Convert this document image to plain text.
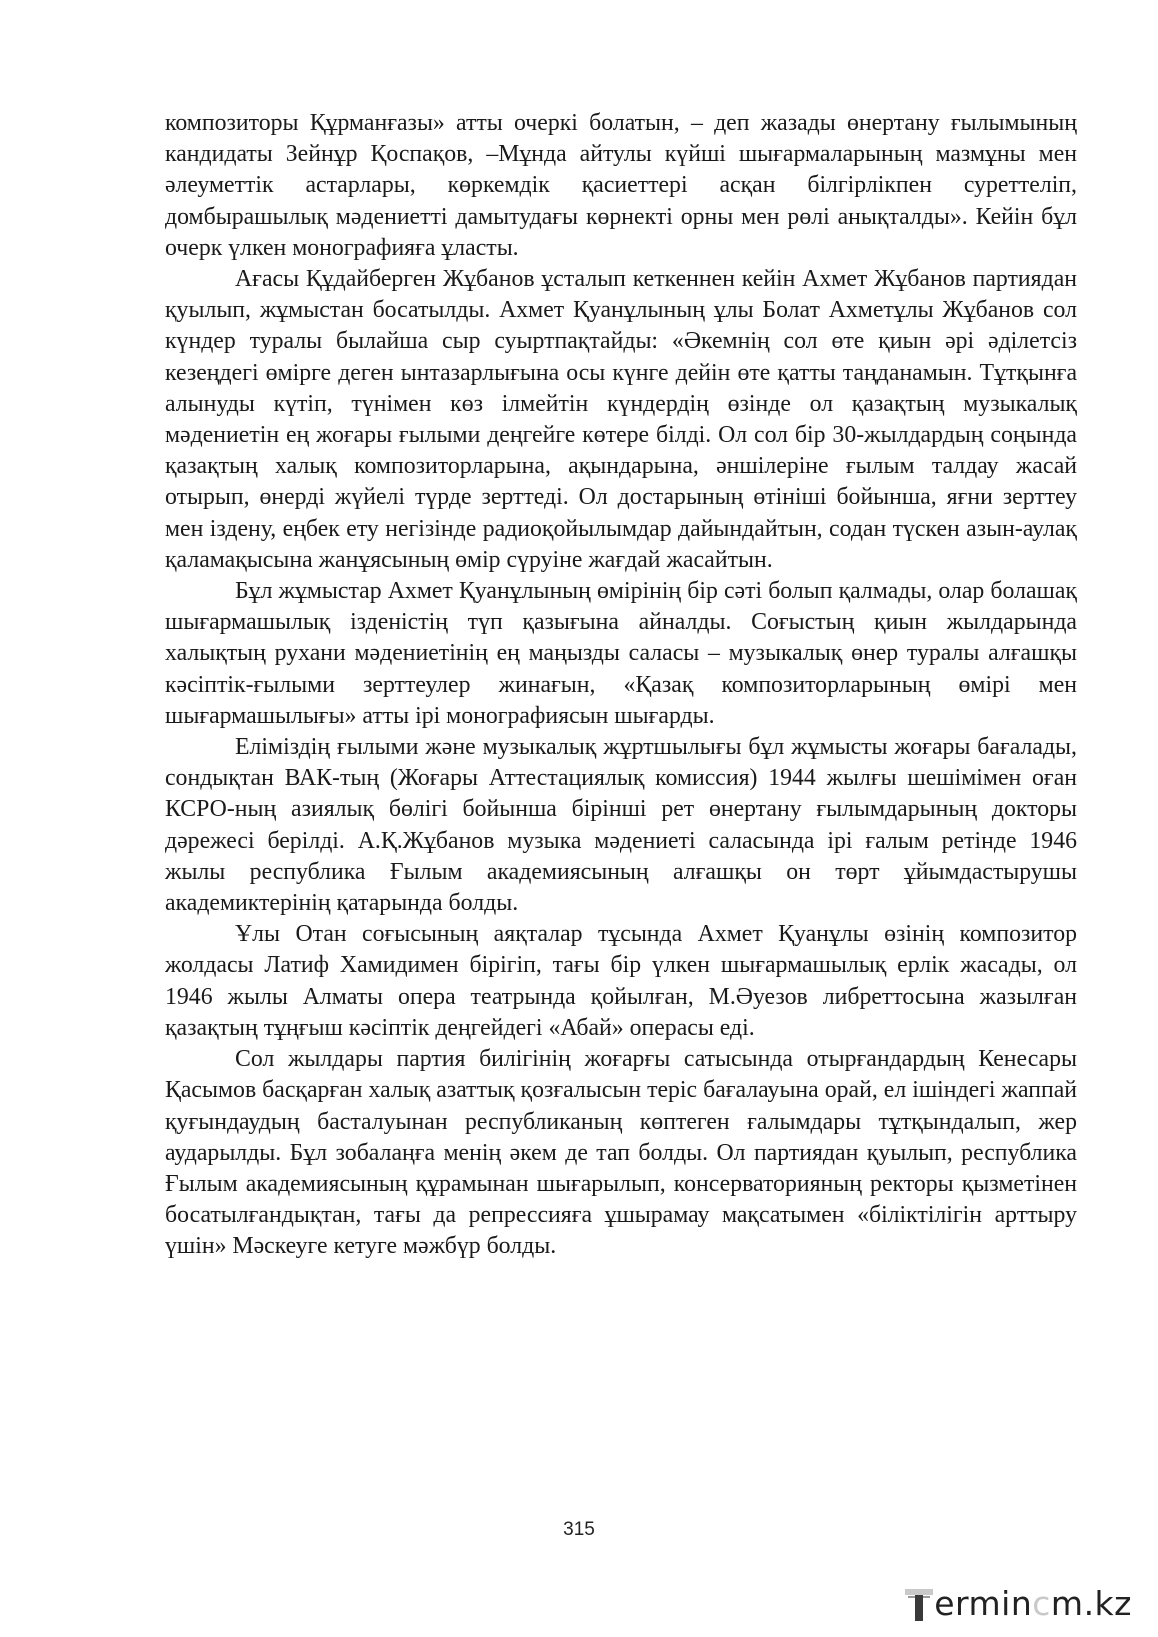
композиторы Құрманғазы» атты очеркі болатын, – деп жазады өнертану ғылымының кандидаты Зейнұр Қоспақов, –Мұнда айтулы күйші шығармаларының мазмұны мен әлеуметтік астарлары, көркемдік қасиеттері асқан білгірлікпен суреттеліп, домбырашылық мәдениетті дамытудағы көрнекті орны мен рөлі анықталды». Кейін бұл очерк үлкен монографияға ұласты.

Ағасы Құдайберген Жұбанов ұсталып кеткеннен кейін Ахмет Жұбанов партиядан қуылып, жұмыстан босатылды. Ахмет Қуанұлының ұлы Болат Ахметұлы Жұбанов сол күндер туралы былайша сыр суыртпақтайды: «Әкемнің сол өте қиын әрі әділетсіз кезеңдегі өмірге деген ынтазарлығына осы күнге дейін өте қатты таңданамын. Тұтқынға алынуды күтіп, түнімен көз ілмейтін күндердің өзінде ол қазақтың музыкалық мәдениетін ең жоғары ғылыми деңгейге көтере білді. Ол сол бір 30-жылдардың соңында қазақтың халық композиторларына, ақындарына, әншілеріне ғылым талдау жасай отырып, өнерді жүйелі түрде зерттеді. Ол достарының өтініші бойынша, яғни зерттеу мен іздену, еңбек ету негізінде радиоқойылымдар дайындайтын, содан түскен азын-аулақ қаламақысына жанұясының өмір сүруіне жағдай жасайтын.

Бұл жұмыстар Ахмет Қуанұлының өмірінің бір сәті болып қалмады, олар болашақ шығармашылық ізденістің түп қазығына айналды. Соғыстың қиын жылдарында халықтың рухани мәдениетінің ең маңызды саласы – музыкалық өнер туралы алғашқы кәсіптік-ғылыми зерттеулер жинағын, «Қазақ композиторларының өмірі мен шығармашылығы» атты ірі монографиясын шығарды.

Еліміздің ғылыми және музыкалық жұртшылығы бұл жұмысты жоғары бағалады, сондықтан ВАК-тың (Жоғары Аттестациялық комиссия) 1944 жылғы шешімімен оған КСРО-ның азиялық бөлігі бойынша бірінші рет өнертану ғылымдарының докторы дәрежесі берілді. А.Қ.Жұбанов музыка мәдениеті саласында ірі ғалым ретінде 1946 жылы республика Ғылым академиясының алғашқы он төрт ұйымдастырушы академиктерінің қатарында болды.

Ұлы Отан соғысының аяқталар тұсында Ахмет Қуанұлы өзінің композитор жолдасы Латиф Хамидимен бірігіп, тағы бір үлкен шығармашылық ерлік жасады, ол 1946 жылы Алматы опера театрында қойылған, М.Әуезов либреттосына жазылған қазақтың тұңғыш кәсіптік деңгейдегі «Абай» операсы еді.

Сол жылдары партия билігінің жоғарғы сатысында отырғандардың Кенесары Қасымов басқарған халық азаттық қозғалысын теріс бағалауына орай, ел ішіндегі жаппай қуғындаудың басталуынан республиканың көптеген ғалымдары тұтқындалып, жер аударылды. Бұл зобалаңға менің әкем де тап болды. Ол партиядан қуылып, республика Ғылым академиясының құрамынан шығарылып, консерваторияның ректоры қызметінен босатылғандықтан, тағы да репрессияға ұшырамау мақсатымен «біліктілігін арттыру үшін» Мәскеуге кетуге мәжбүр болды.

315
ermin c m.kz
